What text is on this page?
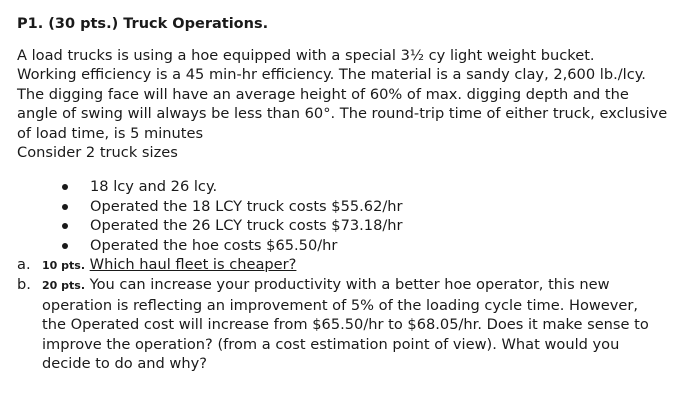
P1. (30 pts.) Truck Operations.
A load trucks is using a hoe equipped with a special 3½ cy light weight bucket.
Working efficiency is a 45 min-hr efficiency. The material is a sandy clay, 2,600 lb./lcy.
The digging face will have an average height of 60% of max. digging depth and the
angle of swing will always be less than 60°. The round-trip time of either truck, exclusive
of load time, is 5 minutes
Consider 2 truck sizes
18 lcy and 26 lcy.
Operated the 18 LCY truck costs $55.62/hr
Operated the 26 LCY truck costs $73.18/hr
Operated the hoe costs $65.50/hr
a. 10 pts. Which haul fleet is cheaper?
b. 20 pts. You can increase your productivity with a better hoe operator, this new
operation is reflecting an improvement of 5% of the loading cycle time. However,
the Operated cost will increase from $65.50/hr to $68.05/hr. Does it make sense to
improve the operation? (from a cost estimation point of view). What would you
decide to do and why?
